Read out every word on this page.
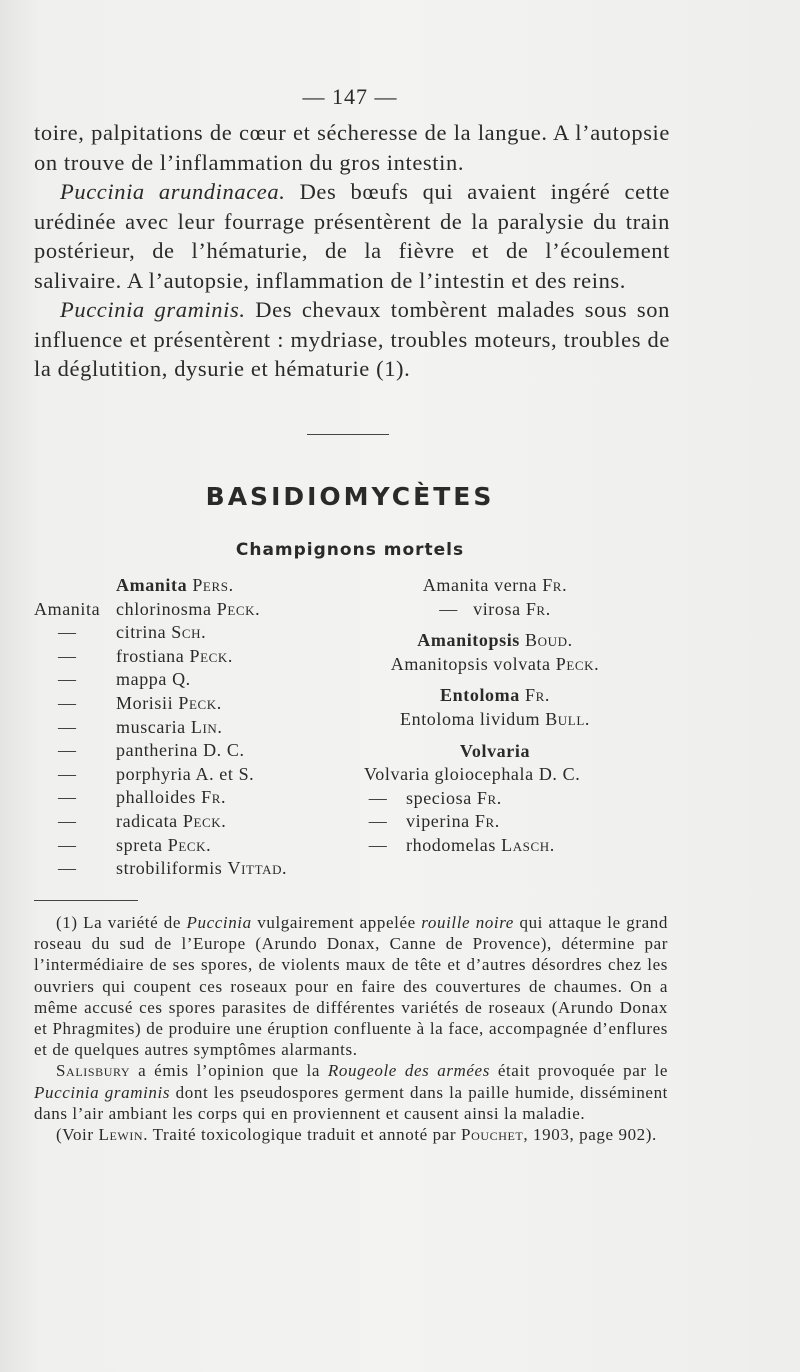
— 147 —

toire, palpitations de cœur et sécheresse de la langue. A l’autopsie on trouve de l’inflammation du gros intestin.

Puccinia arundinacea. Des bœufs qui avaient ingéré cette urédinée avec leur fourrage présentèrent de la paralysie du train postérieur, de l’hématurie, de la fièvre et de l’écoulement salivaire. A l’autopsie, inflammation de l’intestin et des reins.

Puccinia graminis. Des chevaux tombèrent malades sous son influence et présentèrent : mydriase, troubles moteurs, troubles de la déglutition, dysurie et hématurie (1).

BASIDIOMYCÈTES
Champignons mortels
Amanita Pers.
Amanita chlorinosma Peck.
—	citrina Sch.
—	frostiana Peck.
—	mappa Q.
—	Morisii Peck.
—	muscaria Lin.
—	pantherina D. C.
—	porphyria A. et S.
—	phalloides Fr.
—	radicata Peck.
—	spreta Peck.
—	strobiliformis Vittad.
Amanita verna Fr.
— virosa Fr.
Amanitopsis Boud.
Amanitopsis volvata Peck.
Entoloma Fr.
Entoloma lividum Bull.
Volvaria
Volvaria gloiocephala D. C.
—	speciosa Fr.
—	viperina Fr.
—	rhodomelas Lasch.

(1) La variété de Puccinia vulgairement appelée rouille noire qui attaque le grand roseau du sud de l’Europe (Arundo Donax, Canne de Provence), détermine par l’intermédiaire de ses spores, de violents maux de tête et d’autres désordres chez les ouvriers qui coupent ces roseaux pour en faire des couvertures de chaumes. On a même accusé ces spores parasites de différentes variétés de roseaux (Arundo Donax et Phragmites) de produire une éruption confluente à la face, accompagnée d’enflures et de quelques autres symptômes alarmants.

Salisbury a émis l’opinion que la Rougeole des armées était provoquée par le Puccinia graminis dont les pseudospores germent dans la paille humide, disséminent dans l’air ambiant les corps qui en proviennent et causent ainsi la maladie.

(Voir Lewin. Traité toxicologique traduit et annoté par Pouchet, 1903, page 902).
